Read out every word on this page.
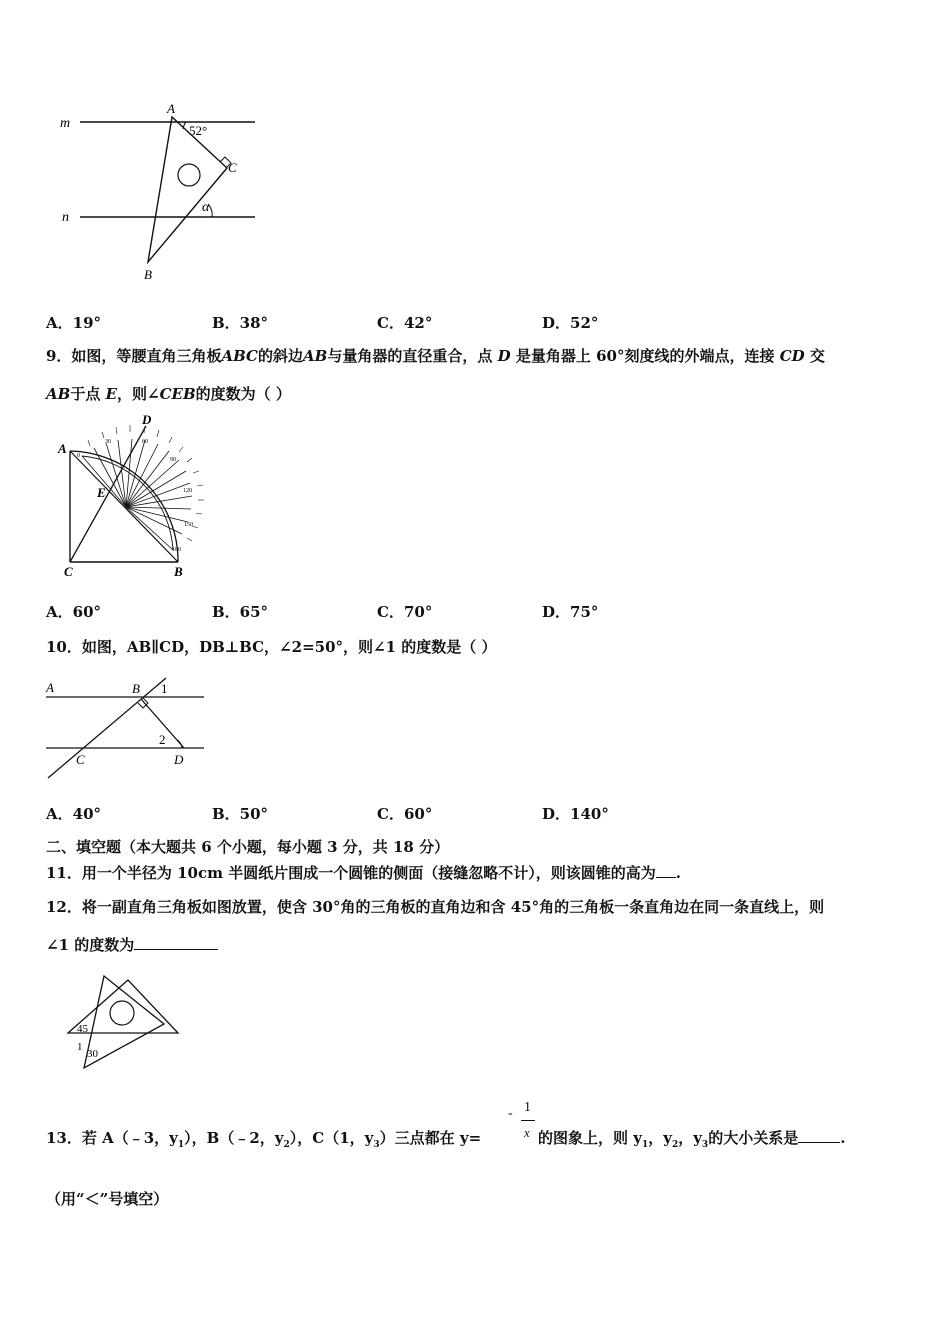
m
n
A
52°
C
α
B
A．19°	B．38°	C．42°	D．52°
9．如图，等腰直角三角板ABC的斜边AB与量角器的直径重合，点 D 是量角器上 60°刻度线的外端点，连接 CD 交
AB于点 E，则∠CEB的度数为（ ）
A
D
E
C	B
0
30	60
90
120
150
180
A．60°	B．65°	C．70°	D．75°
10．如图，AB∥CD，DB⊥BC，∠2=50°，则∠1 的度数是（ ）
A	B 1
2
C	D
A．40°	B．50°	C．60°	D．140°
二、填空题（本大题共 6 个小题，每小题 3 分，共 18 分）
11．用一个半径为 10cm 半圆纸片围成一个圆锥的侧面（接缝忽略不计），则该圆锥的高为 .
12．将一副直角三角板如图放置，使含 30°角的三角板的直角边和含 45°角的三角板一条直角边在同一条直线上，则
∠1 的度数为
45
1
30
13．若 A（﹣3，$y_1$），B（﹣2，$y_2$），C（1，$y_3$）三点都在 y=
- 1
x 的图象上，则 $y_1$，$y_2$，$y_3$的大小关系是	.
（用“＜”号填空）
